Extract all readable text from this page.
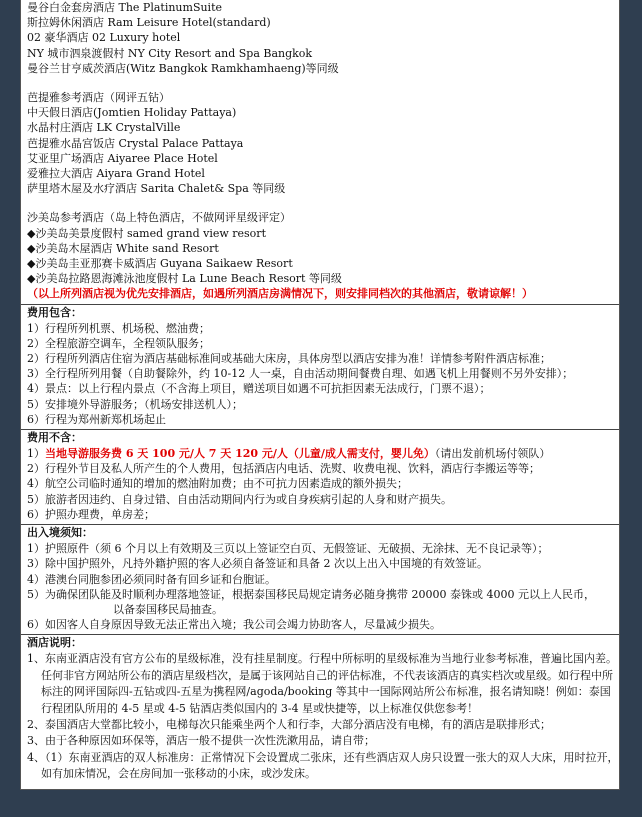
曼谷白金套房酒店 The PlatinumSuite
斯拉姆休闲酒店 Ram Leisure Hotel(standard)
02 豪华酒店 02 Luxury hotel
NY 城市泗泉渡假村 NY City Resort and Spa Bangkok
曼谷兰甘亨威茨酒店(Witz Bangkok Ramkhamhaeng)等同级
芭提雅参考酒店（网评五钻）
中天假日酒店(Jomtien Holiday Pattaya)
水晶村庄酒店 LK CrystalVille
芭提雅水晶宫饭店 Crystal Palace Pattaya
艾亚里广场酒店 Aiyaree Place Hotel
爱雅拉大酒店 Aiyara Grand Hotel
萨里塔木屋及水疗酒店 Sarita Chalet& Spa 等同级
沙美岛参考酒店（岛上特色酒店，不做网评星级评定）
◆沙美岛美景度假村 samed grand view resort
◆沙美岛木屋酒店 White sand Resort
◆沙美岛圭亚那赛卡威酒店 Guyana Saikaew Resort
◆沙美岛拉路恩海滩泳池度假村 La Lune Beach Resort 等同级
（以上所列酒店视为优先安排酒店，如遇所列酒店房满情况下，则安排同档次的其他酒店，敬请谅解！）
费用包含：
1）行程所列机票、机场税、燃油费；
2）全程旅游空调车，全程领队服务；
2）行程所列酒店住宿为酒店基础标准间或基础大床房，具体房型以酒店安排为准！详情参考附件酒店标准；
3）全行程所列用餐（自助餐除外，约 10-12 人一桌，自由活动期间餐费自理、如遇飞机上用餐则不另外安排）；
4）景点：以上行程内景点（不含海上项目，赠送项目如遇不可抗拒因素无法成行，门票不退）；
5）安排境外导游服务；（机场安排送机人）；
6）行程为郑州新郑机场起止
费用不含：
1）当地导游服务费 6 天 100 元/人 7 天 120 元/人（儿童/成人需支付，婴儿免）（请出发前机场付领队）
2）行程外节目及私人所产生的个人费用，包括酒店内电话、洗熨、收费电视、饮料，酒店行李搬运等等；
4）航空公司临时通知的增加的燃油附加费；由不可抗力因素造成的额外损失；
5）旅游者因违约、自身过错、自由活动期间内行为或自身疾病引起的人身和财产损失。
6）护照办理费，单房差；
出入境须知：
1）护照原件（须 6 个月以上有效期及三页以上签证空白页、无假签证、无破损、无涂抹、无不良记录等）；
3）除中国护照外，凡持外籍护照的客人必须自备签证和具备 2 次以上出入中国境的有效签证。
4）港澳台同胞参团必须同时备有回乡证和台胞证。
5）为确保团队能及时顺利办理落地签证，根据泰国移民局规定请务必随身携带 20000 泰铢或 4000 元以上人民币，
以备泰国移民局抽查。
6）如因客人自身原因导致无法正常出入境；我公司会竭力协助客人，尽量减少损失。
酒店说明：
1、东南亚酒店没有官方公布的星级标准，没有挂星制度。行程中所标明的星级标准为当地行业参考标准，普遍比国内差。任何非官方网站所公布的酒店星级档次，是属于该网站自己的评估标准，不代表该酒店的真实档次或星级。如行程中所标注的网评国际四-五钻或四-五星为携程网/agoda/booking 等其中一国际网站所公布标准，报名请知晓！例如：泰国行程团队所用的 4-5 星或 4-5 钻酒店类似国内的 3-4 星或快捷等，以上标准仅供您参考！
2、泰国酒店大堂都比较小，电梯每次只能乘坐两个人和行李，大部分酒店没有电梯，有的酒店是联排形式；
3、由于各种原因如环保等，酒店一般不提供一次性洗漱用品，请自带；
4、（1）东南亚酒店的双人标准房：正常情况下会设置成二张床，还有些酒店双人房只设置一张大的双人大床，用时拉开，如有加床情况，会在房间加一张移动的小床，或沙发床。
